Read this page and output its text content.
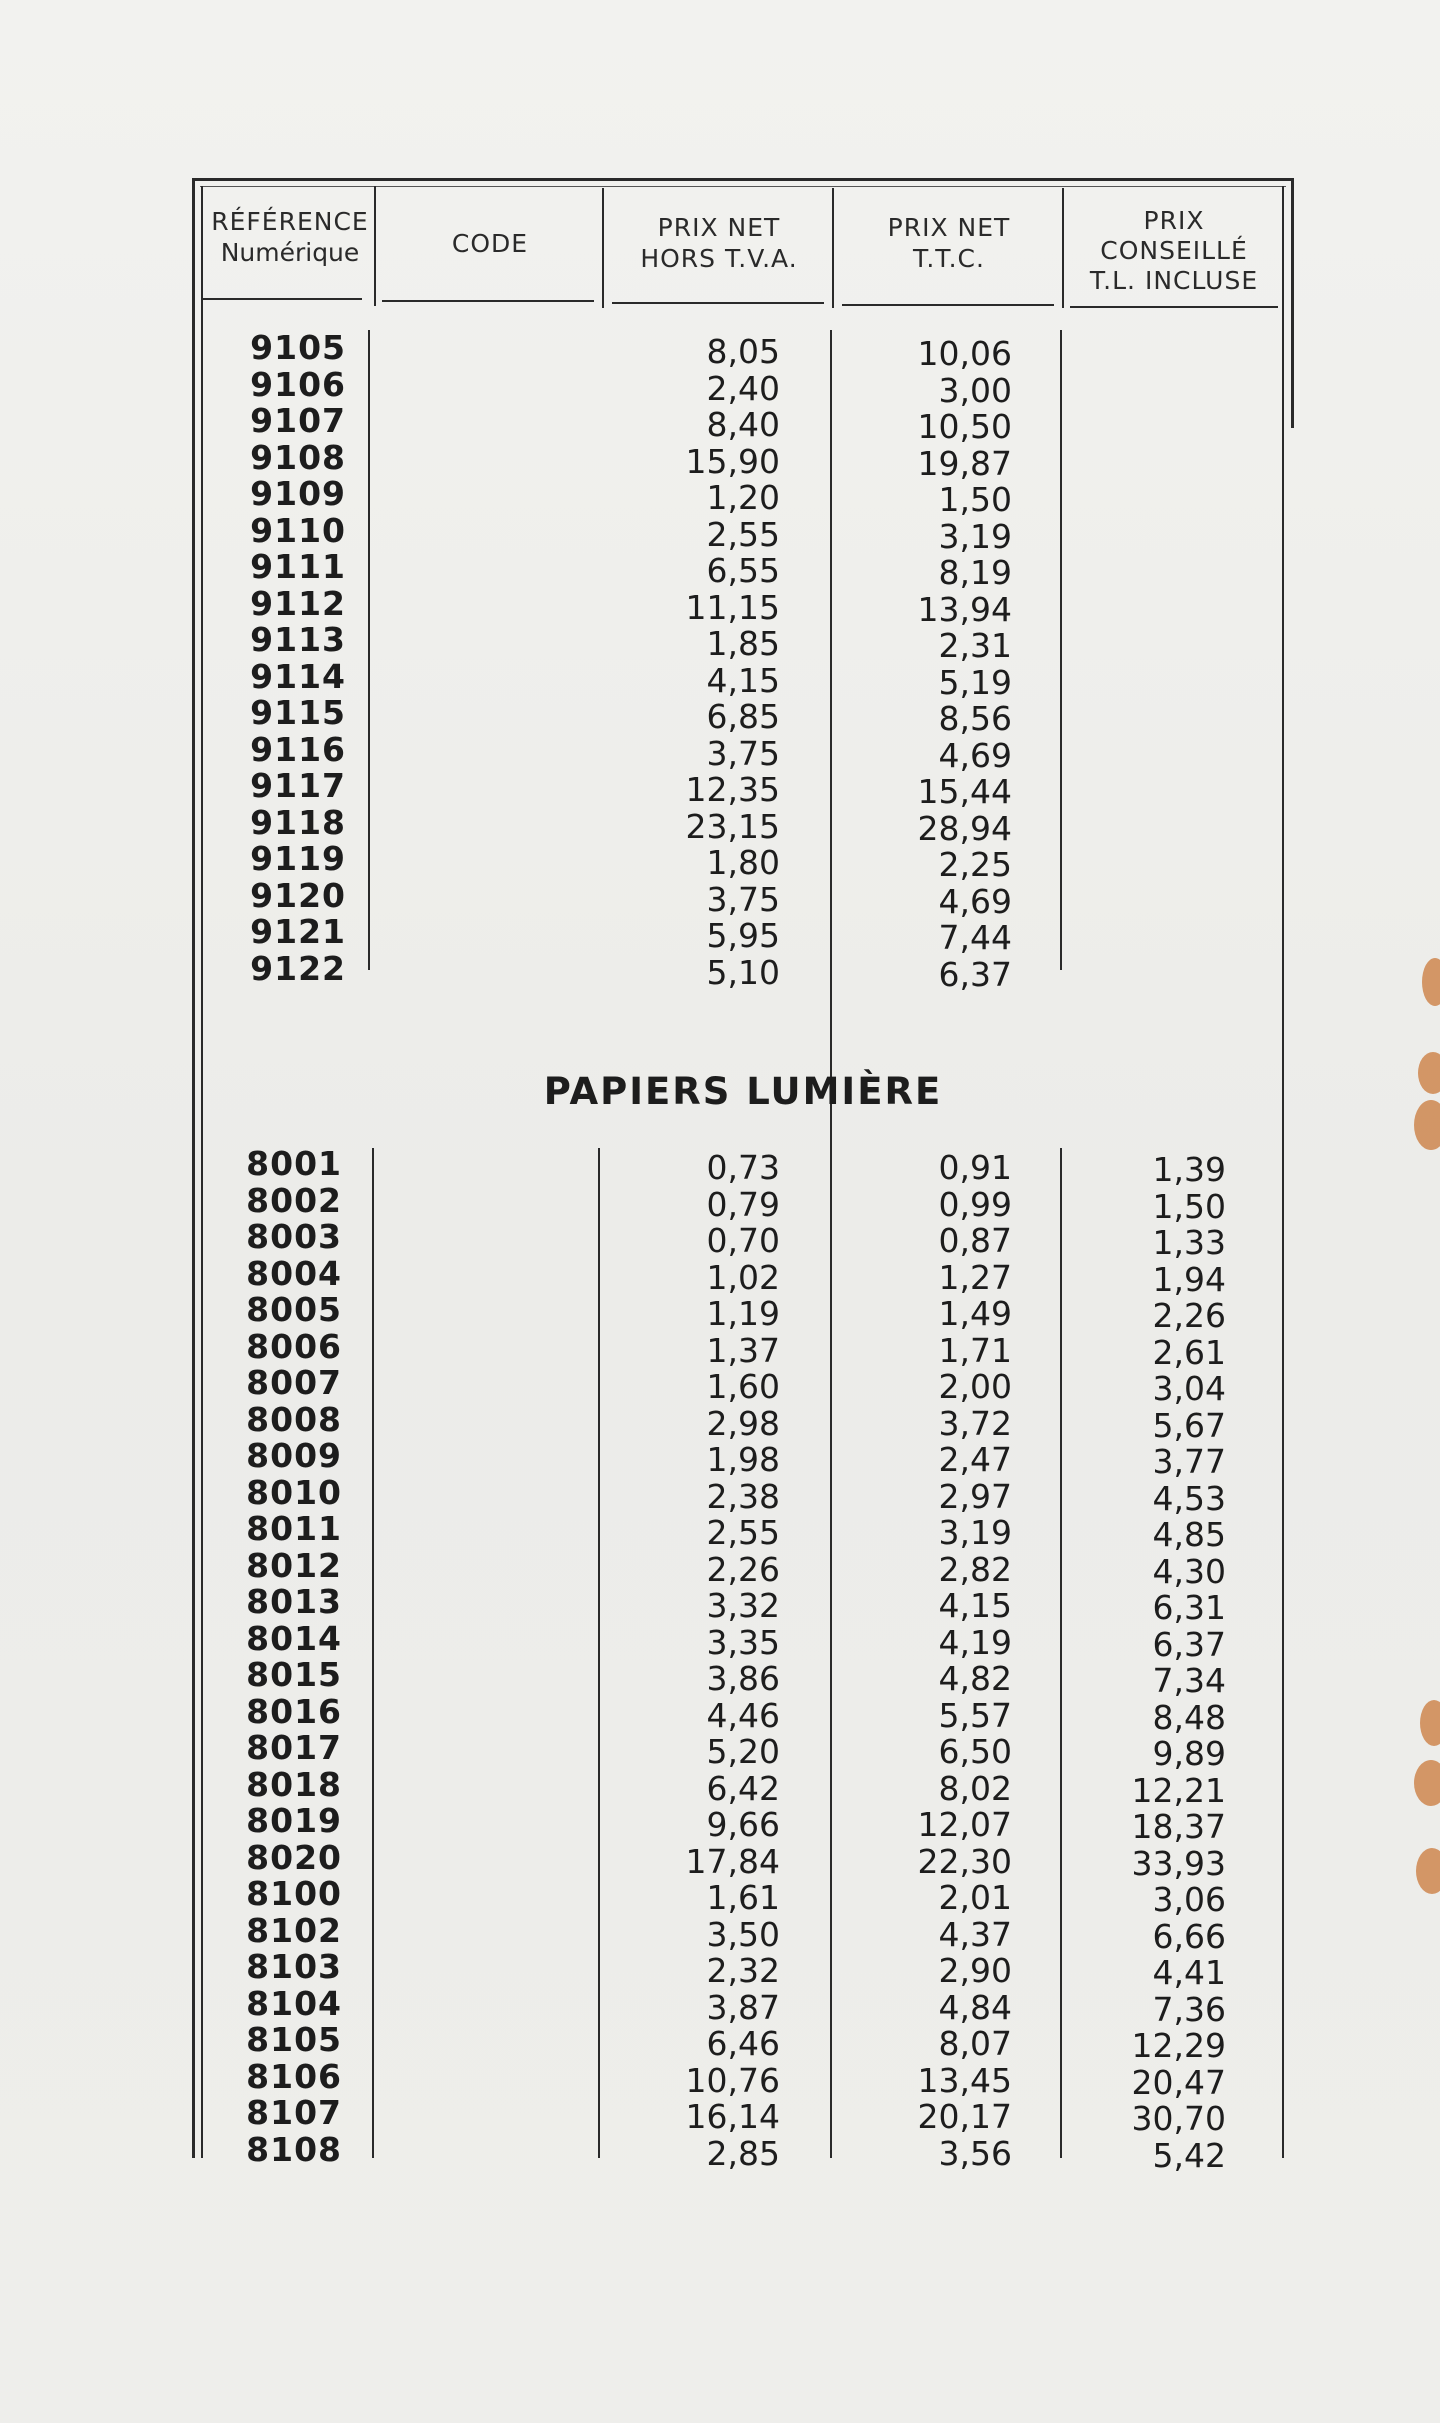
RÉFÉRENCE
Numérique	CODE
PRIX NET
HORS T.V.A.
PRIX NET
T.T.C.
PRIX
CONSEILLÉ
T.L. INCLUSE
9105
9106
9107
9108
9109
9110
9111
9112
9113
9114
9115
9116
9117
9118
9119
9120
9121
9122
8,05
2,40
8,40
15,90
1,20
2,55
6,55
11,15
1,85
4,15
6,85
3,75
12,35
23,15
1,80
3,75
5,95
5,10
10,06
3,00
10,50
19,87
1,50
3,19
8,19
13,94
2,31
5,19
8,56
4,69
15,44
28,94
2,25
4,69
7,44
6,37
PAPIERS LUMIÈRE
8001
8002
8003
8004
8005
8006
8007
8008
8009
8010
8011
8012
8013
8014
8015
8016
8017
8018
8019
8020
8100
8102
8103
8104
8105
8106
8107
8108
0,73
0,79
0,70
1,02
1,19
1,37
1,60
2,98
1,98
2,38
2,55
2,26
3,32
3,35
3,86
4,46
5,20
6,42
9,66
17,84
1,61
3,50
2,32
3,87
6,46
10,76
16,14
2,85
0,91
0,99
0,87
1,27
1,49
1,71
2,00
3,72
2,47
2,97
3,19
2,82
4,15
4,19
4,82
5,57
6,50
8,02
12,07
22,30
2,01
4,37
2,90
4,84
8,07
13,45
20,17
3,56
1,39
1,50
1,33
1,94
2,26
2,61
3,04
5,67
3,77
4,53
4,85
4,30
6,31
6,37
7,34
8,48
9,89
12,21
18,37
33,93
3,06
6,66
4,41
7,36
12,29
20,47
30,70
5,42
